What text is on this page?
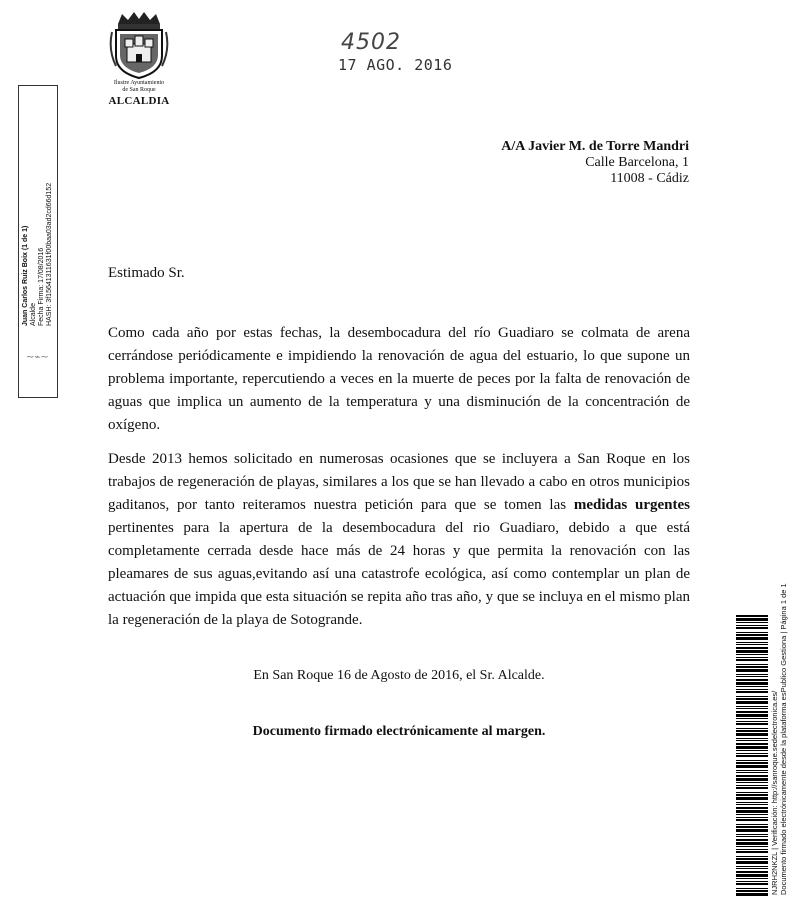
Ilustre Ayuntamiento
de San Roque
ALCALDIA
4502
17 AGO. 2016
Juan Carlos Ruiz Boix (1 de 1) Alcalde Fecha Firma: 17/08/2016 HASH: 3f15641311631f00baa03ad2cd66d152
~⌁~
A/A Javier M. de Torre Mandri
Calle Barcelona, 1
11008 - Cádiz
Estimado Sr.
Como cada año por estas fechas, la desembocadura del río Guadiaro se colmata de arena cerrándose periódicamente e impidiendo la renovación de agua del estuario, lo que supone un problema importante, repercutiendo a veces en la muerte de peces por la falta de renovación de aguas que implica un aumento de la temperatura y una disminución de la concentración de oxígeno.
Desde 2013 hemos solicitado en numerosas ocasiones que se incluyera a San Roque en los trabajos de regeneración de playas, similares a los que se han llevado a cabo en otros municipios gaditanos, por tanto reiteramos nuestra petición para que se tomen las medidas urgentes pertinentes para la apertura de la desembocadura del rio Guadiaro, debido a que está completamente cerrada desde hace más de 24 horas y que permita la renovación con las pleamares de sus aguas,evitando así una catastrofe ecológica, así como contemplar un plan de actuación que impida que esta situación se repita año tras año, y que se incluya en el mismo plan la regeneración de la playa de Sotogrande.
En San Roque 16 de Agosto de 2016, el Sr. Alcalde.
Documento firmado electrónicamente al margen.	NJRH2NKZL | Verificación: http://sanroque.sedelectronica.es/ Documento firmado electrónicamente desde la plataforma esPublico Gestiona | Página 1 de 1
